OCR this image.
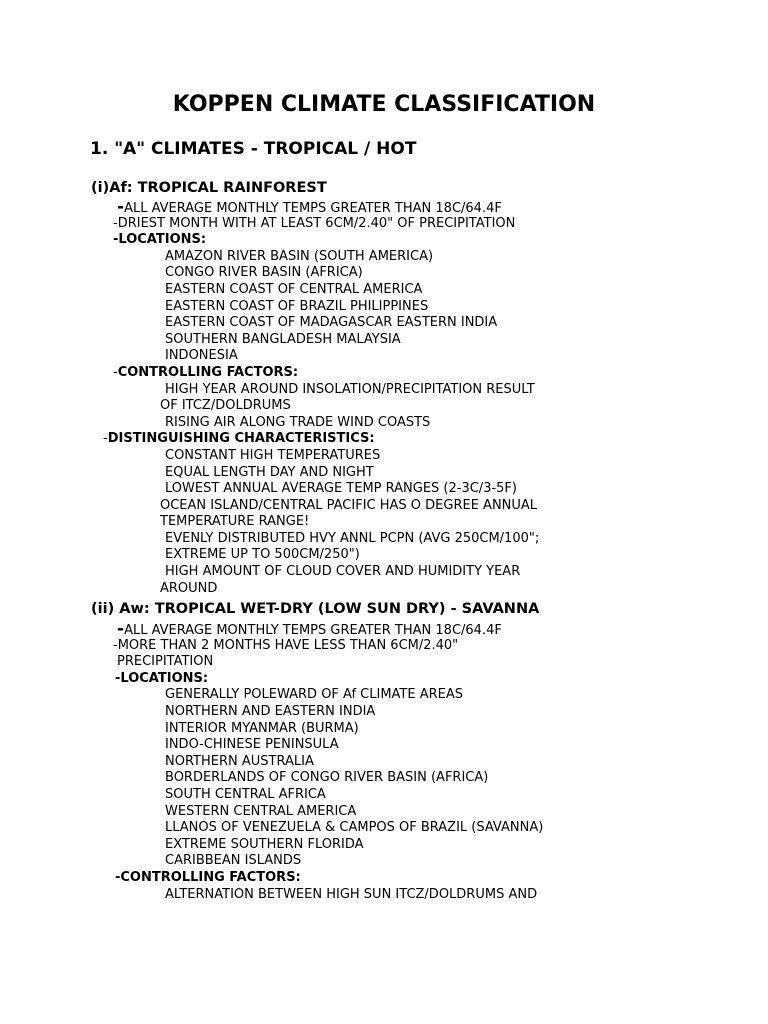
KOPPEN CLIMATE CLASSIFICATION
1. "A" CLIMATES - TROPICAL / HOT
(i)Af: TROPICAL RAINFOREST
-ALL AVERAGE MONTHLY TEMPS GREATER THAN 18C/64.4F
-DRIEST MONTH WITH AT LEAST 6CM/2.40" OF PRECIPITATION
-LOCATIONS:
AMAZON RIVER BASIN (SOUTH AMERICA)
CONGO RIVER BASIN (AFRICA)
EASTERN COAST OF CENTRAL AMERICA
EASTERN COAST OF BRAZIL PHILIPPINES
EASTERN COAST OF MADAGASCAR EASTERN INDIA
SOUTHERN BANGLADESH MALAYSIA
INDONESIA
-CONTROLLING FACTORS:
HIGH YEAR AROUND INSOLATION/PRECIPITATION RESULT
OF ITCZ/DOLDRUMS
RISING AIR ALONG TRADE WIND COASTS
-DISTINGUISHING CHARACTERISTICS:
CONSTANT HIGH TEMPERATURES
EQUAL LENGTH DAY AND NIGHT
LOWEST ANNUAL AVERAGE TEMP RANGES (2-3C/3-5F)
OCEAN ISLAND/CENTRAL PACIFIC HAS O DEGREE ANNUAL
TEMPERATURE RANGE!
EVENLY DISTRIBUTED HVY ANNL PCPN (AVG 250CM/100";
EXTREME UP TO 500CM/250")
HIGH AMOUNT OF CLOUD COVER AND HUMIDITY YEAR
AROUND
(ii) Aw: TROPICAL WET-DRY (LOW SUN DRY) - SAVANNA
-ALL AVERAGE MONTHLY TEMPS GREATER THAN 18C/64.4F
-MORE THAN 2 MONTHS HAVE LESS THAN 6CM/2.40"
PRECIPITATION
-LOCATIONS:
GENERALLY POLEWARD OF Af CLIMATE AREAS
NORTHERN AND EASTERN INDIA
INTERIOR MYANMAR (BURMA)
INDO-CHINESE PENINSULA
NORTHERN AUSTRALIA
BORDERLANDS OF CONGO RIVER BASIN (AFRICA)
SOUTH CENTRAL AFRICA
WESTERN CENTRAL AMERICA
LLANOS OF VENEZUELA & CAMPOS OF BRAZIL (SAVANNA)
EXTREME SOUTHERN FLORIDA
CARIBBEAN ISLANDS
-CONTROLLING FACTORS:
ALTERNATION BETWEEN HIGH SUN ITCZ/DOLDRUMS AND
